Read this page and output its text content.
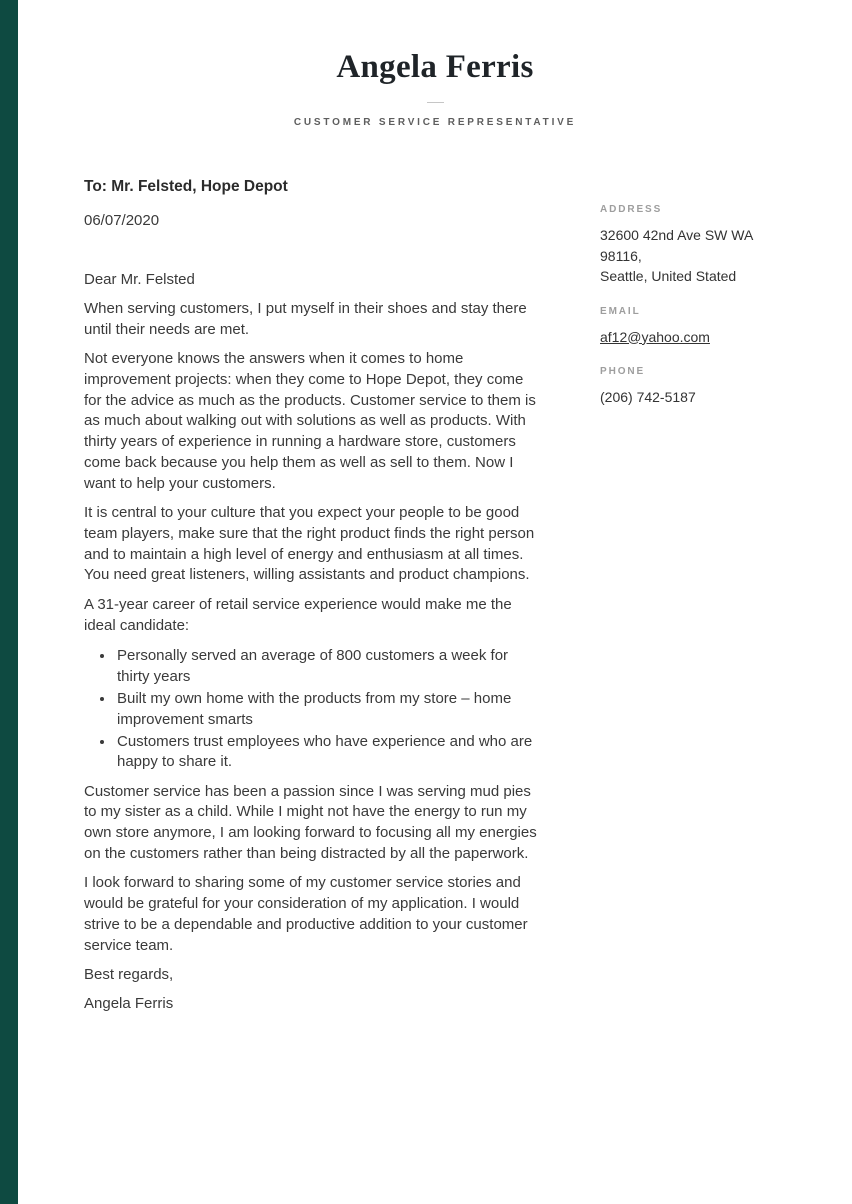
Angela Ferris
CUSTOMER SERVICE REPRESENTATIVE

To: Mr. Felsted, Hope Depot

06/07/2020

Dear Mr. Felsted

When serving customers, I put myself in their shoes and stay there until their needs are met.

Not everyone knows the answers when it comes to home improvement projects: when they come to Hope Depot, they come for the advice as much as the products. Customer service to them is as much about walking out with solutions as well as products. With thirty years of experience in running a hardware store, customers come back because you help them as well as sell to them. Now I want to help your customers.

It is central to your culture that you expect your people to be good team players, make sure that the right product finds the right person and to maintain a high level of energy and enthusiasm at all times. You need great listeners, willing assistants and product champions.

A 31-year career of retail service experience would make me the ideal candidate:

• Personally served an average of 800 customers a week for thirty years
• Built my own home with the products from my store – home improvement smarts
• Customers trust employees who have experience and who are happy to share it.

Customer service has been a passion since I was serving mud pies to my sister as a child. While I might not have the energy to run my own store anymore, I am looking forward to focusing all my energies on the customers rather than being distracted by all the paperwork.

I look forward to sharing some of my customer service stories and would be grateful for your consideration of my application. I would strive to be a dependable and productive addition to your customer service team.

Best regards,

Angela Ferris

ADDRESS
32600 42nd Ave SW WA 98116,
Seattle, United Stated
EMAIL
af12@yahoo.com
PHONE
(206) 742-5187
